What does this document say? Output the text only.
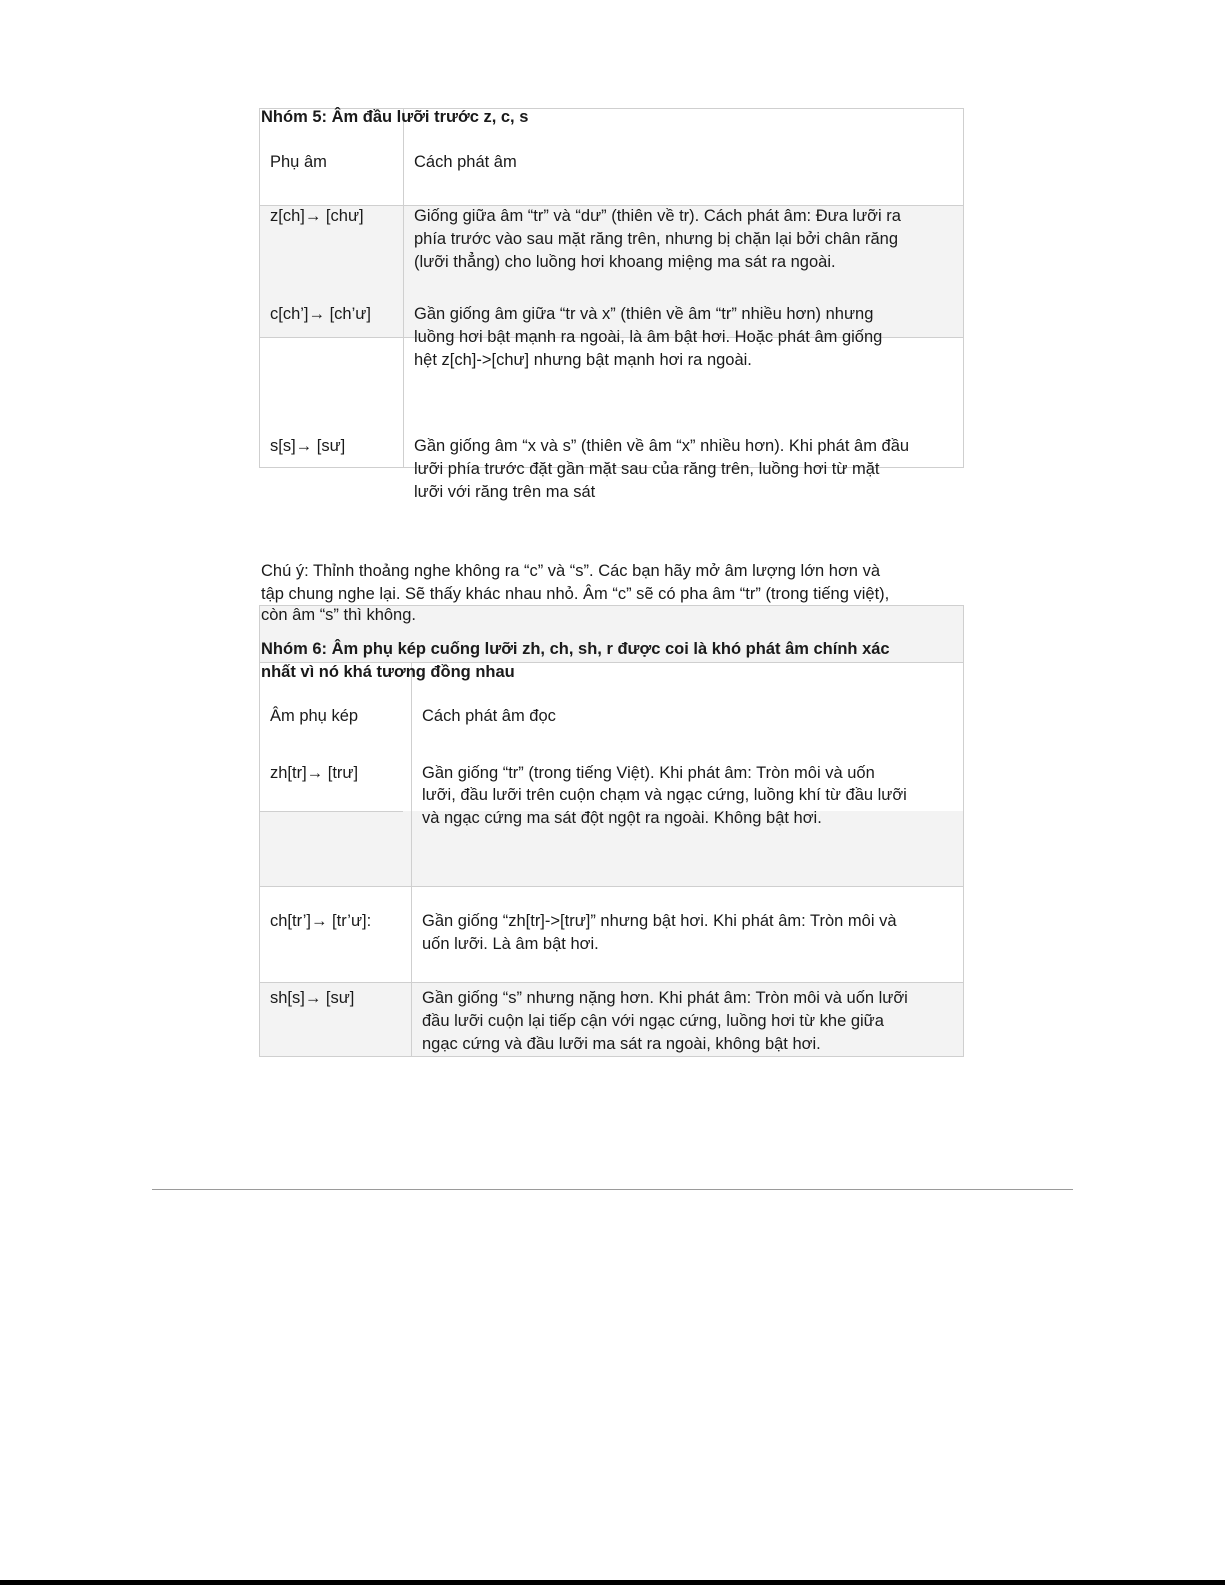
Nhóm 5: Âm đầu lưỡi trước z, c, s
Phụ âm	Cách phát âm
z[ch]→ [chư]	Giống giữa âm “tr” và “dư” (thiên về tr). Cách phát âm: Đưa lưỡi ra
phía trước vào sau mặt răng trên, nhưng bị chặn lại bởi chân răng
(lưỡi thẳng) cho luồng hơi khoang miệng ma sát ra ngoài.
c[ch’]→ [ch’ư]	Gần giống âm giữa “tr và x” (thiên về âm “tr” nhiều hơn) nhưng
luồng hơi bật mạnh ra ngoài, là âm bật hơi. Hoặc phát âm giống
hệt z[ch]->[chư] nhưng bật mạnh hơi ra ngoài.
s[s]→ [sư]	Gần giống âm “x và s” (thiên về âm “x” nhiều hơn). Khi phát âm đầu
lưỡi phía trước đặt gần mặt sau của răng trên, luồng hơi từ mặt
lưỡi với răng trên ma sát
Chú ý: Thỉnh thoảng nghe không ra “c” và “s”. Các bạn hãy mở âm lượng lớn hơn và
tập chung nghe lại. Sẽ thấy khác nhau nhỏ. Âm “c” sẽ có pha âm “tr” (trong tiếng việt),
còn âm “s” thì không.
Nhóm 6: Âm phụ kép cuống lưỡi zh, ch, sh, r được coi là khó phát âm chính xác
nhất vì nó khá tương đồng nhau
Âm phụ kép	Cách phát âm đọc
zh[tr]→ [trư]	Gần giống “tr” (trong tiếng Việt). Khi phát âm: Tròn môi và uốn
lưỡi, đầu lưỡi trên cuộn chạm và ngạc cứng, luồng khí từ đầu lưỡi
và ngạc cứng ma sát đột ngột ra ngoài. Không bật hơi.
ch[tr’]→ [tr’ư]:	Gần giống “zh[tr]->[trư]” nhưng bật hơi. Khi phát âm: Tròn môi và
uốn lưỡi. Là âm bật hơi.
sh[s]→ [sư]	Gần giống “s” nhưng nặng hơn. Khi phát âm: Tròn môi và uốn lưỡi
đầu lưỡi cuộn lại tiếp cận với ngạc cứng, luồng hơi từ khe giữa
ngạc cứng và đầu lưỡi ma sát ra ngoài, không bật hơi.
